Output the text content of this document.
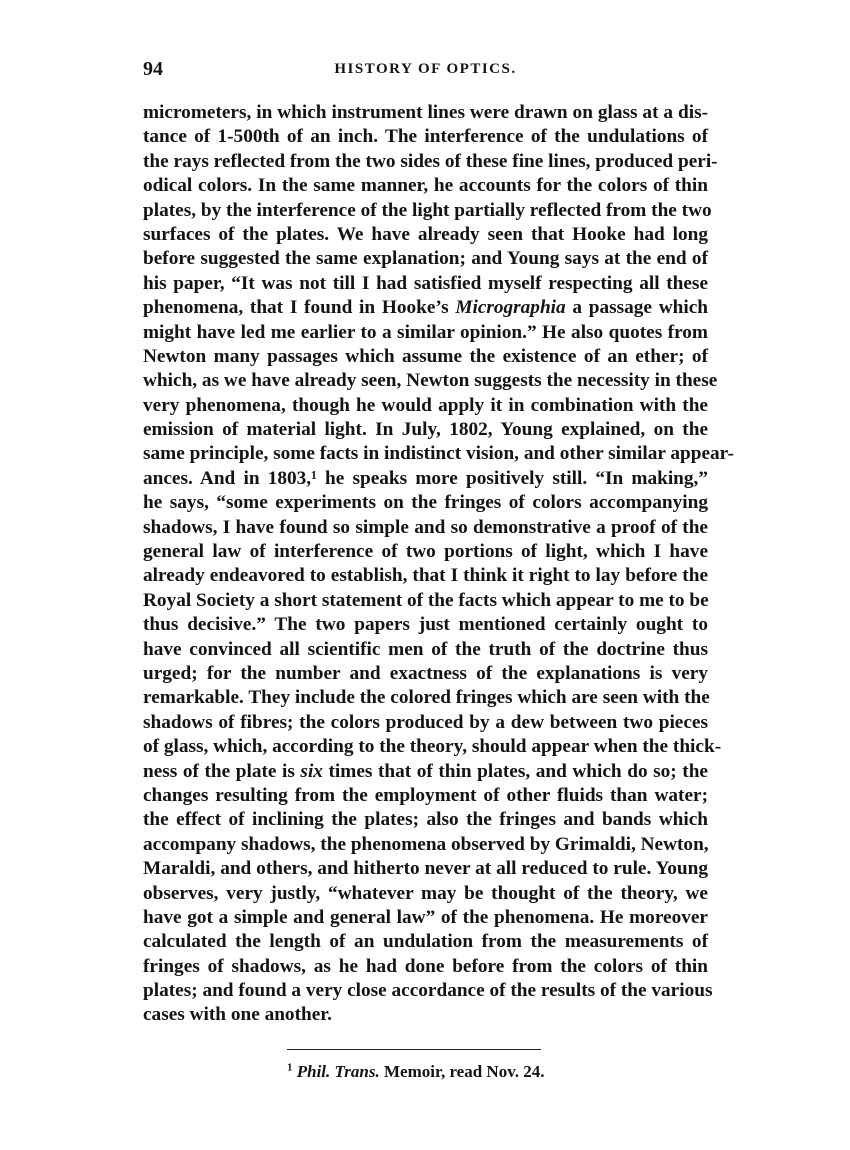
94	HISTORY OF OPTICS.
micrometers, in which instrument lines were drawn on glass at a dis-
tance of 1-500th of an inch. The interference of the undulations of
the rays reflected from the two sides of these fine lines, produced peri-
odical colors. In the same manner, he accounts for the colors of thin
plates, by the interference of the light partially reflected from the two
surfaces of the plates. We have already seen that Hooke had long
before suggested the same explanation; and Young says at the end of
his paper, “It was not till I had satisfied myself respecting all these
phenomena, that I found in Hooke’s Micrographia a passage which
might have led me earlier to a similar opinion.” He also quotes from
Newton many passages which assume the existence of an ether; of
which, as we have already seen, Newton suggests the necessity in these
very phenomena, though he would apply it in combination with the
emission of material light. In July, 1802, Young explained, on the
same principle, some facts in indistinct vision, and other similar appear-
ances. And in 1803,¹ he speaks more positively still. “In making,”
he says, “some experiments on the fringes of colors accompanying
shadows, I have found so simple and so demonstrative a proof of the
general law of interference of two portions of light, which I have
already endeavored to establish, that I think it right to lay before the
Royal Society a short statement of the facts which appear to me to be
thus decisive.” The two papers just mentioned certainly ought to
have convinced all scientific men of the truth of the doctrine thus
urged; for the number and exactness of the explanations is very
remarkable. They include the colored fringes which are seen with the
shadows of fibres; the colors produced by a dew between two pieces
of glass, which, according to the theory, should appear when the thick-
ness of the plate is six times that of thin plates, and which do so; the
changes resulting from the employment of other fluids than water;
the effect of inclining the plates; also the fringes and bands which
accompany shadows, the phenomena observed by Grimaldi, Newton,
Maraldi, and others, and hitherto never at all reduced to rule. Young
observes, very justly, “whatever may be thought of the theory, we
have got a simple and general law” of the phenomena. He moreover
calculated the length of an undulation from the measurements of
fringes of shadows, as he had done before from the colors of thin
plates; and found a very close accordance of the results of the various
cases with one another.
$^1$ Phil. Trans. Memoir, read Nov. 24.
